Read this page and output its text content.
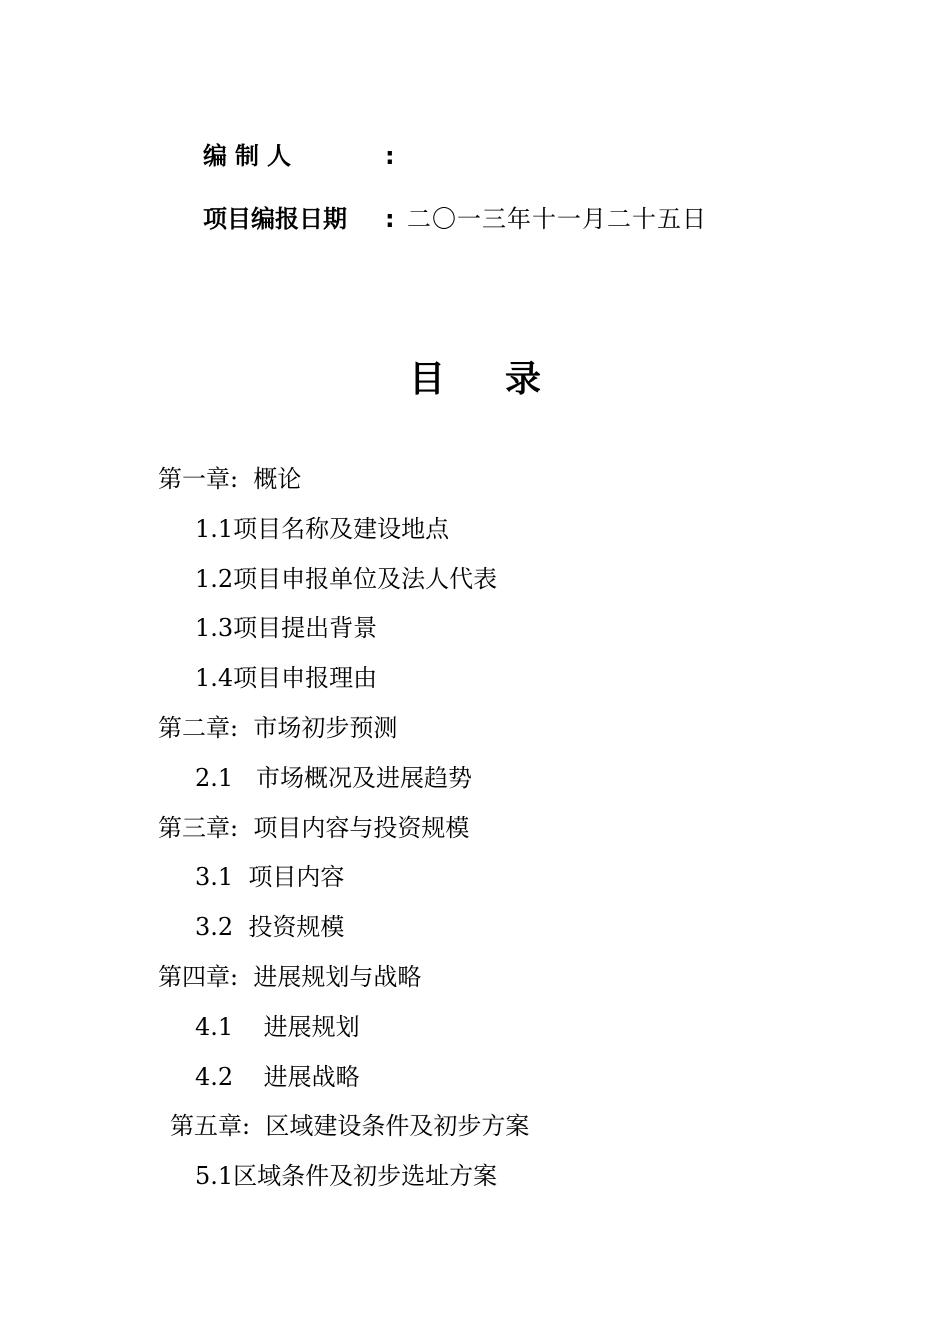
编制人	:
项目编报日期 : 二〇一三年十一月二十五日
目录
第一章:  概论
1.1项目名称及建设地点
1.2项目申报单位及法人代表
1.3项目提出背景
1.4项目申报理由
第二章:  市场初步预测
2.1   市场概况及进展趋势
第三章:  项目内容与投资规模
3.1  项目内容
3.2  投资规模
第四章:  进展规划与战略
4.1    进展规划
4.2    进展战略
第五章:  区域建设条件及初步方案
5.1区域条件及初步选址方案
